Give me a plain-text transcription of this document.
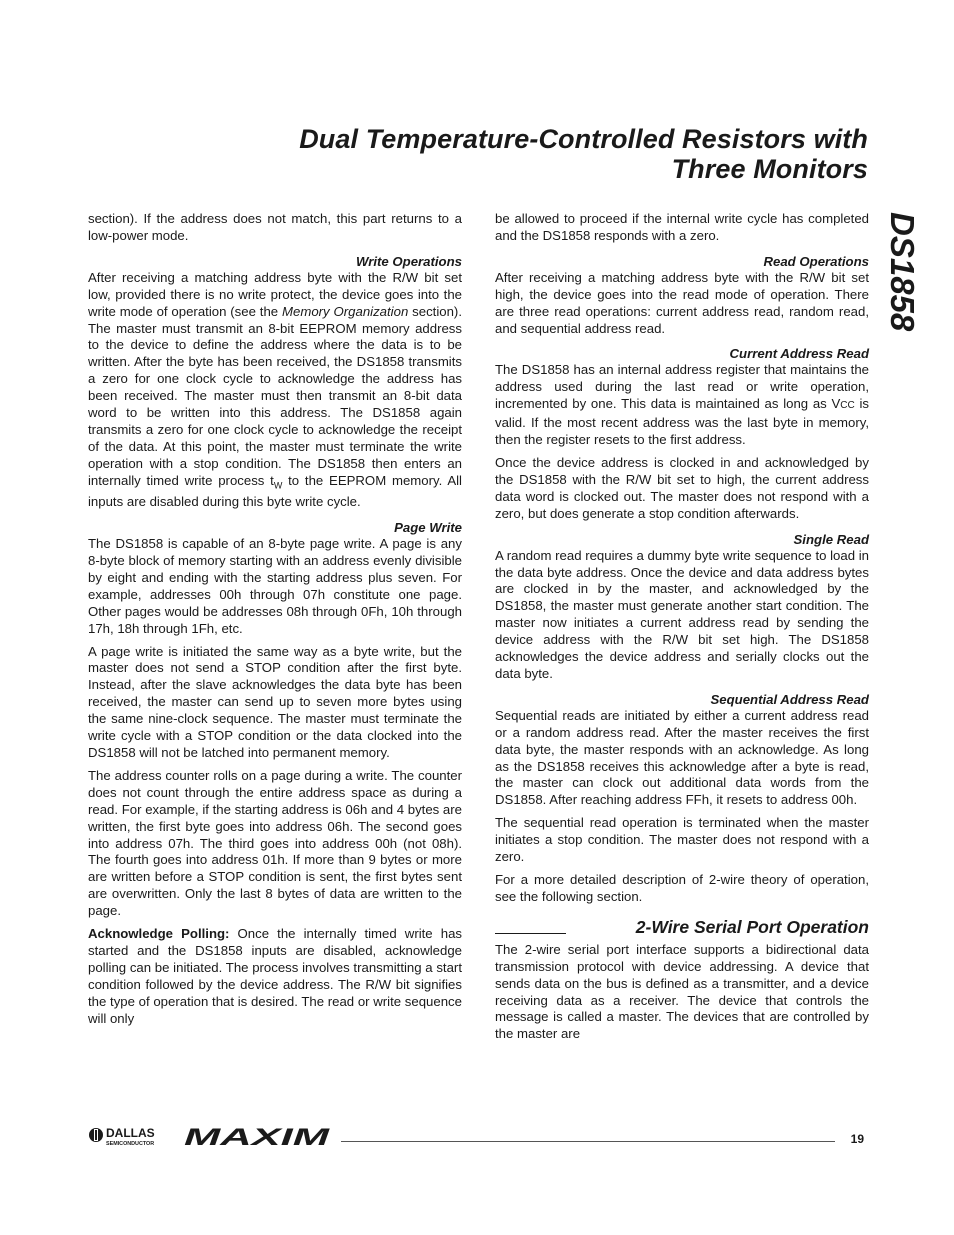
Dual Temperature-Controlled Resistors with
Three Monitors
DS1858

section). If the address does not match, this part returns to a low-power mode.

Write Operations

After receiving a matching address byte with the R/W bit set low, provided there is no write protect, the device goes into the write mode of operation (see the Memory Organization section). The master must transmit an 8-bit EEPROM memory address to the device to define the address where the data is to be written. After the byte has been received, the DS1858 transmits a zero for one clock cycle to acknowledge the address has been received. The master must then transmit an 8-bit data word to be written into this address. The DS1858 again transmits a zero for one clock cycle to acknowledge the receipt of the data. At this point, the master must terminate the write operation with a stop condition. The DS1858 then enters an internally timed write process $t_W$ to the EEPROM memory. All inputs are disabled during this byte write cycle.

Page Write

The DS1858 is capable of an 8-byte page write. A page is any 8-byte block of memory starting with an address evenly divisible by eight and ending with the starting address plus seven. For example, addresses 00h through 07h constitute one page. Other pages would be addresses 08h through 0Fh, 10h through 17h, 18h through 1Fh, etc.

A page write is initiated the same way as a byte write, but the master does not send a STOP condition after the first byte. Instead, after the slave acknowledges the data byte has been received, the master can send up to seven more bytes using the same nine-clock sequence. The master must terminate the write cycle with a STOP condition or the data clocked into the DS1858 will not be latched into permanent memory.

The address counter rolls on a page during a write. The counter does not count through the entire address space as during a read. For example, if the starting address is 06h and 4 bytes are written, the first byte goes into address 06h. The second goes into address 07h. The third goes into address 00h (not 08h). The fourth goes into address 01h. If more than 9 bytes or more are written before a STOP condition is sent, the first bytes sent are overwritten. Only the last 8 bytes of data are written to the page.

Acknowledge Polling: Once the internally timed write has started and the DS1858 inputs are disabled, acknowledge polling can be initiated. The process involves transmitting a start condition followed by the device address. The R/W bit signifies the type of operation that is desired. The read or write sequence will only

be allowed to proceed if the internal write cycle has completed and the DS1858 responds with a zero.

Read Operations

After receiving a matching address byte with the R/W bit set high, the device goes into the read mode of operation. There are three read operations: current address read, random read, and sequential address read.

Current Address Read

The DS1858 has an internal address register that maintains the address used during the last read or write operation, incremented by one. This data is maintained as long as VCC is valid. If the most recent address was the last byte in memory, then the register resets to the first address.

Once the device address is clocked in and acknowledged by the DS1858 with the R/W bit set to high, the current address data word is clocked out. The master does not respond with a zero, but does generate a stop condition afterwards.

Single Read

A random read requires a dummy byte write sequence to load in the data byte address. Once the device and data address bytes are clocked in by the master, and acknowledged by the DS1858, the master must generate another start condition. The master now initiates a current address read by sending the device address with the R/W bit set high. The DS1858 acknowledges the device address and serially clocks out the data byte.

Sequential Address Read

Sequential reads are initiated by either a current address read or a random address read. After the master receives the first data byte, the master responds with an acknowledge. As long as the DS1858 receives this acknowledge after a byte is read, the master can clock out additional data words from the DS1858. After reaching address FFh, it resets to address 00h.

The sequential read operation is terminated when the master initiates a stop condition. The master does not respond with a zero.

For a more detailed description of 2-wire theory of operation, see the following section.

2-Wire Serial Port Operation

The 2-wire serial port interface supports a bidirectional data transmission protocol with device addressing. A device that sends data on the bus is defined as a transmitter, and a device receiving data as a receiver. The device that controls the message is called a master. The devices that are controlled by the master are

DALLAS
SEMICONDUCTOR MAXIM	19
